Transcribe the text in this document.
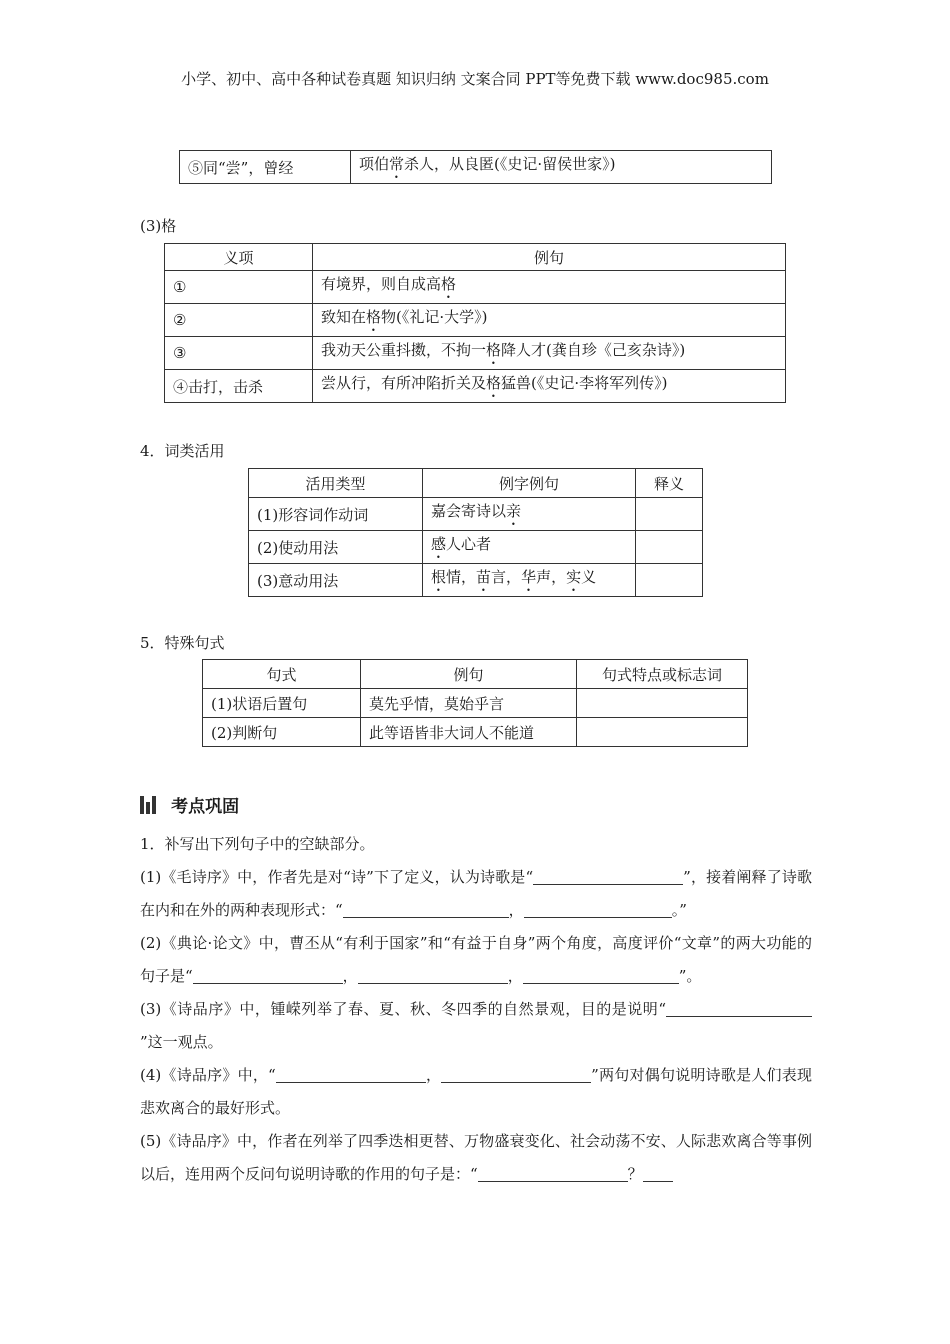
小学、初中、高中各种试卷真题 知识归纳 文案合同 PPT等免费下载 www.doc985.com
⑤同“尝”，曾经	项伯常杀人，从良匿(《史记·留侯世家》)
(3)格
义项	例句
①	有境界，则自成高格
②	致知在格物(《礼记·大学》)
③	我劝天公重抖擞，不拘一格降人才(龚自珍《己亥杂诗》)
④击打，击杀	尝从行，有所冲陷折关及格猛兽(《史记·李将军列传》)
4．词类活用
活用类型	例字例句	释义
(1)形容词作动词	嘉会寄诗以亲	
(2)使动用法	感人心者	
(3)意动用法	根情，苗言，华声，实义	
5．特殊句式
句式	例句	句式特点或标志词
(1)状语后置句	莫先乎情，莫始乎言	
(2)判断句	此等语皆非大词人不能道	
考点巩固

1．补写出下列句子中的空缺部分。

(1)《毛诗序》中，作者先是对“诗”下了定义，认为诗歌是“	”，接着阐释了诗歌在内和在外的两种表现形式：“	，	。”

(2)《典论·论文》中，曹丕从“有利于国家”和“有益于自身”两个角度，高度评价“文章”的两大功能的句子是“	，	，	”。

(3)《诗品序》中，锺嵘列举了春、夏、秋、冬四季的自然景观，目的是说明“”这一观点。

(4)《诗品序》中，“	，	”两句对偶句说明诗歌是人们表现悲欢离合的最好形式。

(5)《诗品序》中，作者在列举了四季迭相更替、万物盛衰变化、社会动荡不安、人际悲欢离合等事例以后，连用两个反问句说明诗歌的作用的句子是：“	？
